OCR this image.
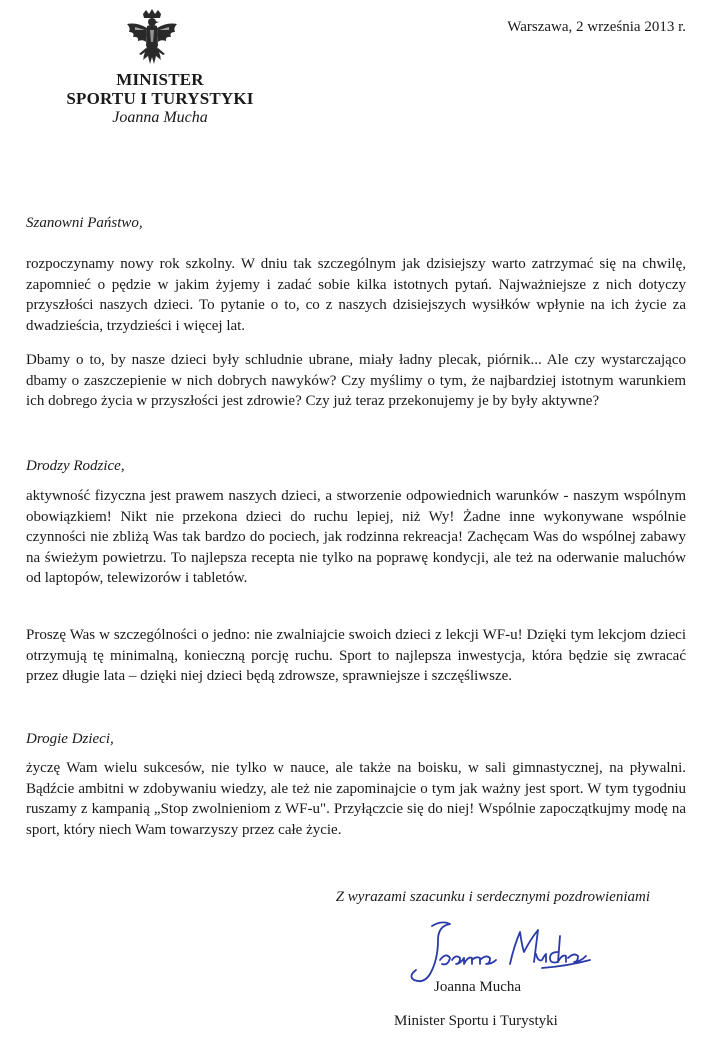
MINISTER
SPORTU I TURYSTYKI
Joanna Mucha
Warszawa, 2 września 2013 r.
Szanowni Państwo,
rozpoczynamy nowy rok szkolny. W dniu tak szczególnym jak dzisiejszy warto zatrzymać się na chwilę, zapomnieć o pędzie w jakim żyjemy i zadać sobie kilka istotnych pytań. Najważniejsze z nich dotyczy przyszłości naszych dzieci. To pytanie o to, co z naszych dzisiejszych wysiłków wpłynie na ich życie za dwadzieścia, trzydzieści i więcej lat.
Dbamy o to, by nasze dzieci były schludnie ubrane, miały ładny plecak, piórnik... Ale czy wystarczająco dbamy o zaszczepienie w nich dobrych nawyków? Czy myślimy o tym, że najbardziej istotnym warunkiem ich dobrego życia w przyszłości jest zdrowie? Czy już teraz przekonujemy je by były aktywne?
Drodzy Rodzice,
aktywność fizyczna jest prawem naszych dzieci, a stworzenie odpowiednich warunków - naszym wspólnym obowiązkiem! Nikt nie przekona dzieci do ruchu lepiej, niż Wy! Żadne inne wykonywane wspólnie czynności nie zbliżą Was tak bardzo do pociech, jak rodzinna rekreacja! Zachęcam Was do wspólnej zabawy na świeżym powietrzu. To najlepsza recepta nie tylko na poprawę kondycji, ale też na oderwanie maluchów od laptopów, telewizorów i tabletów.
Proszę Was w szczególności o jedno: nie zwalniajcie swoich dzieci z lekcji WF-u! Dzięki tym lekcjom dzieci otrzymują tę minimalną, konieczną porcję ruchu. Sport to najlepsza inwestycja, która będzie się zwracać przez długie lata – dzięki niej dzieci będą zdrowsze, sprawniejsze i szczęśliwsze.
Drogie Dzieci,
życzę Wam wielu sukcesów, nie tylko w nauce, ale także na boisku, w sali gimnastycznej, na pływalni. Bądźcie ambitni w zdobywaniu wiedzy, ale też nie zapominajcie o tym jak ważny jest sport. W tym tygodniu ruszamy z kampanią „Stop zwolnieniom z WF-u". Przyłączcie się do niej! Wspólnie zapoczątkujmy modę na sport, który niech Wam towarzyszy przez całe życie.
Z wyrazami szacunku i serdecznymi pozdrowieniami
Joanna Mucha
Minister Sportu i Turystyki
